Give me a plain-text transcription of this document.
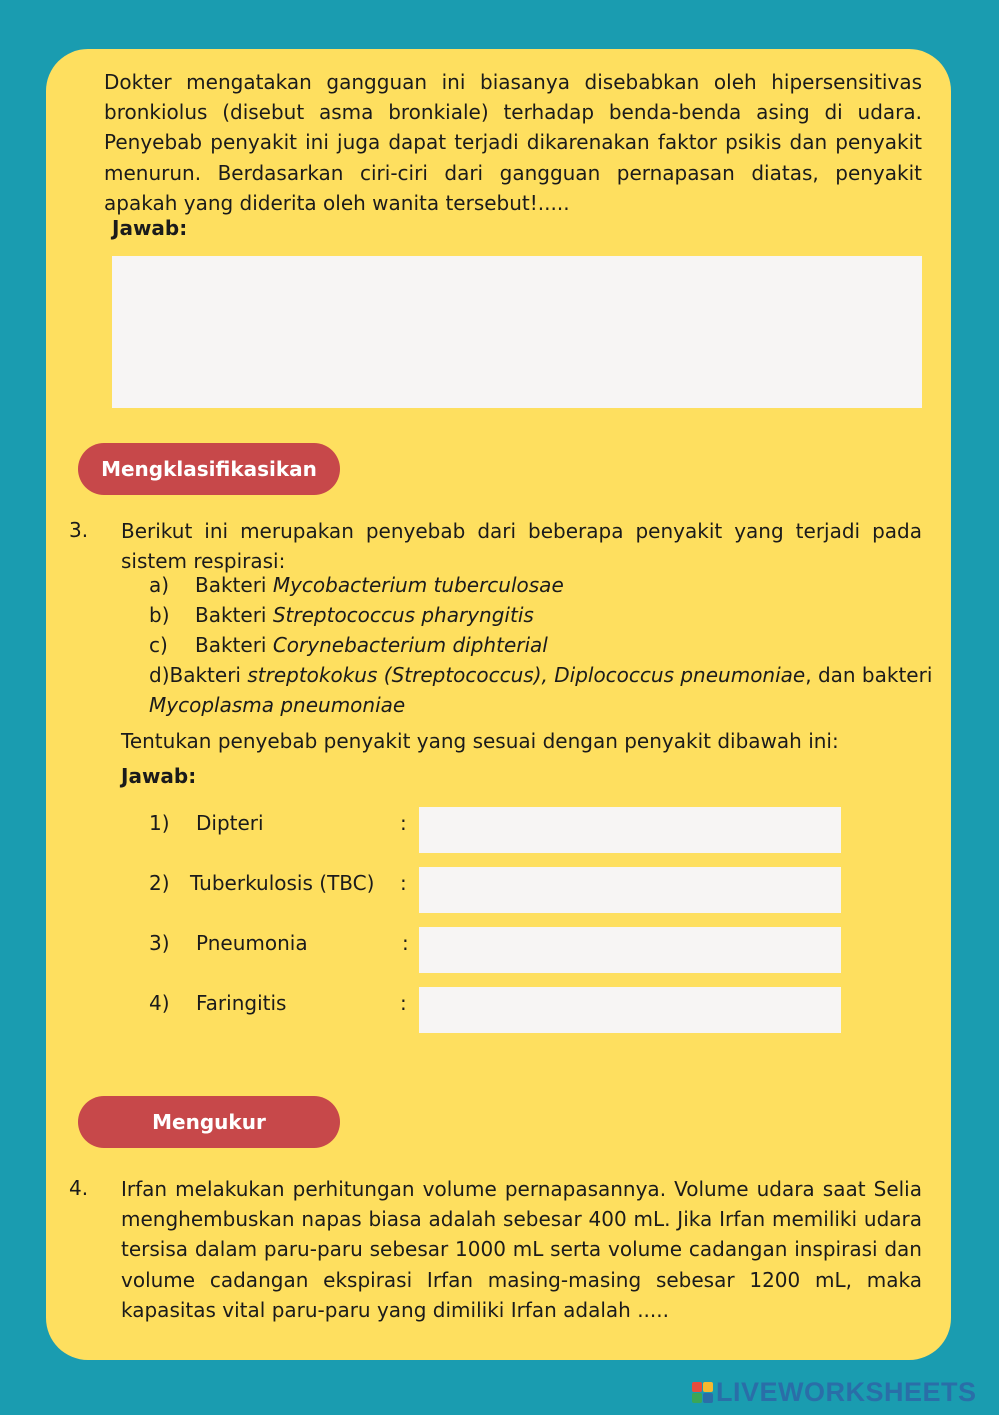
Dokter mengatakan gangguan ini biasanya disebabkan oleh hipersensitivas bronkiolus (disebut asma bronkiale) terhadap benda-benda asing di udara. Penyebab penyakit ini juga dapat terjadi dikarenakan faktor psikis dan penyakit menurun. Berdasarkan ciri-ciri dari gangguan pernapasan diatas, penyakit apakah yang diderita oleh wanita tersebut!.....

Jawab:
Mengklasifikasikan
3. Berikut ini merupakan penyebab dari beberapa penyakit yang terjadi pada sistem respirasi:

a) Bakteri Mycobacterium tuberculosae
b) Bakteri Streptococcus pharyngitis
c) Bakteri Corynebacterium diphterial
d) Bakteri streptokokus (Streptococcus), Diplococcus pneumoniae , dan bakteri
Mycoplasma pneumoniae
Tentukan penyebab penyakit yang sesuai dengan penyakit dibawah ini:
Jawab:
1) Dipteri	:
2) Tuberkulosis (TBC) :
3) Pneumonia	:
4) Faringitis	:
Mengukur
4. Irfan melakukan perhitungan volume pernapasannya. Volume udara saat Selia menghembuskan napas biasa adalah sebesar 400 mL. Jika Irfan memiliki udara tersisa dalam paru-paru sebesar 1000 mL serta volume cadangan inspirasi dan volume cadangan ekspirasi Irfan masing-masing sebesar 1200 mL, maka kapasitas vital paru-paru yang dimiliki Irfan adalah .....

LIVEWORKSHEETS
